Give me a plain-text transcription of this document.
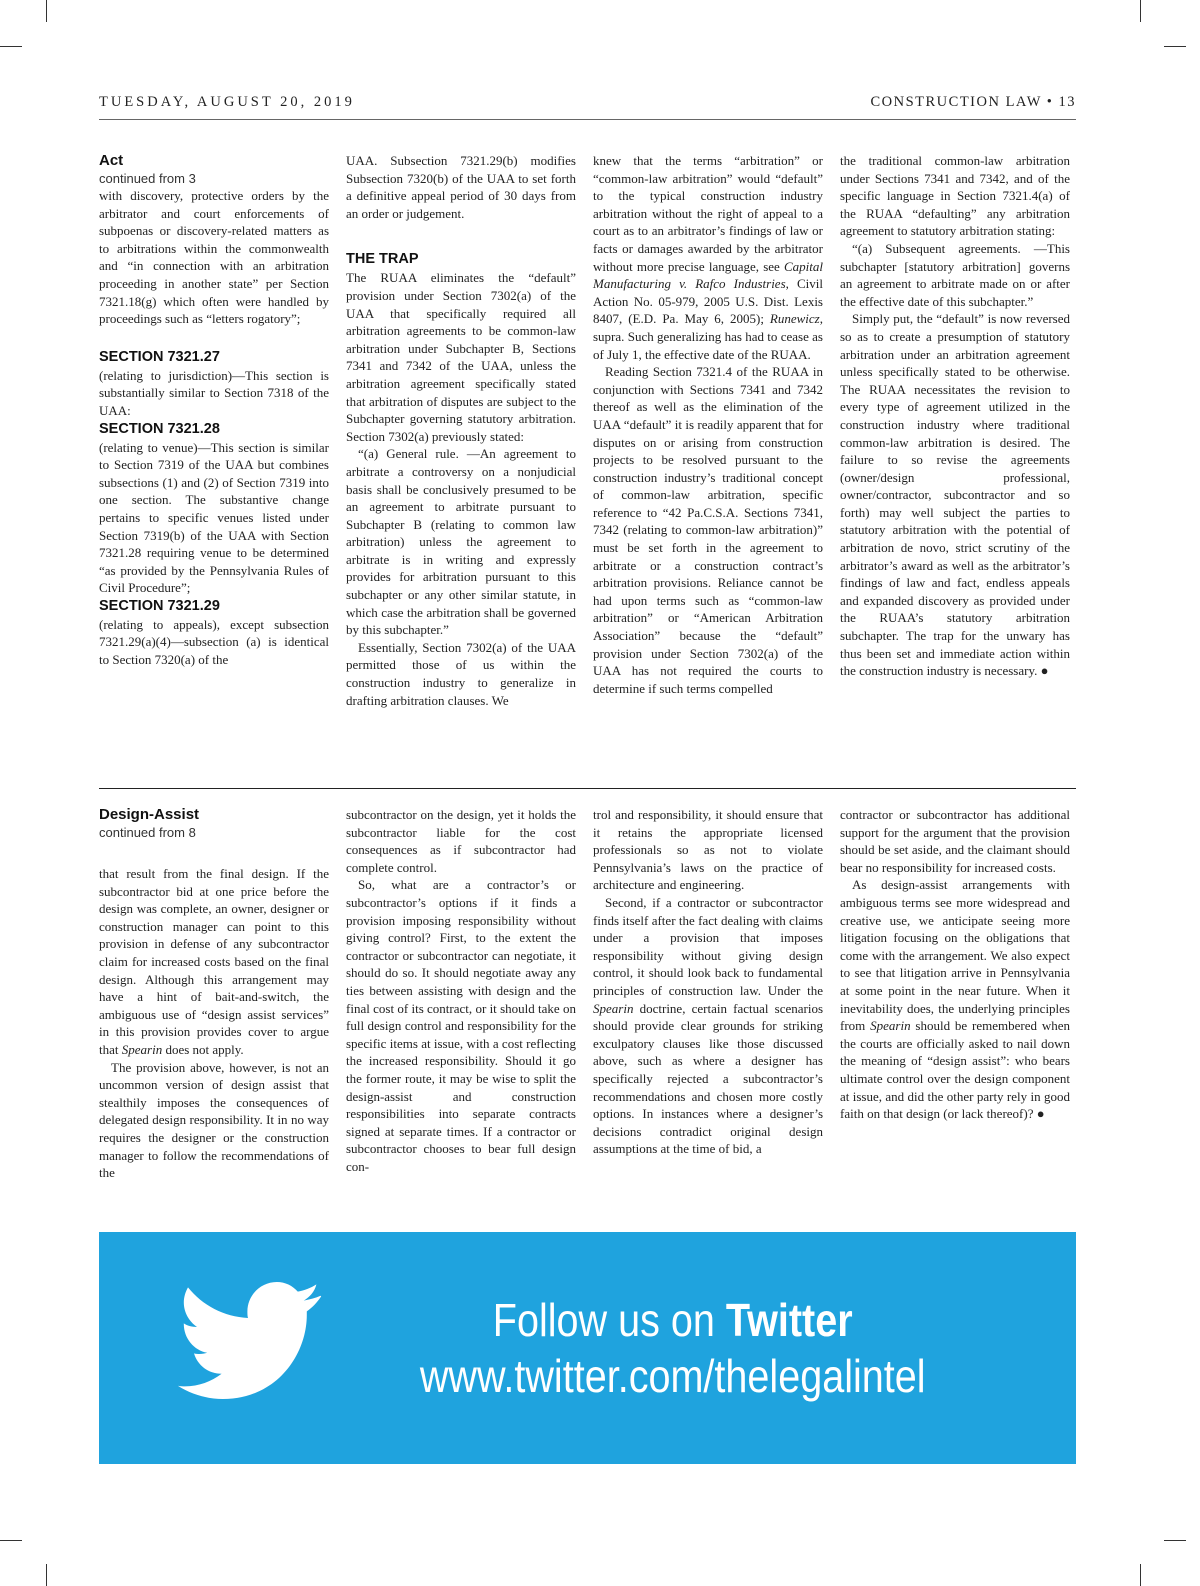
TUESDAY, AUGUST 20, 2019	CONSTRUCTION LAW • 13

Act

continued from 3

with discovery, protective orders by the arbitrator and court enforcements of subpoenas or discovery-related matters as to arbitrations within the commonwealth and “in connection with an arbitration proceeding in another state” per Section 7321.18(g) which often were handled by proceedings such as “letters rogatory”;

SECTION 7321.27

(relating to jurisdiction)—This section is substantially similar to Section 7318 of the UAA:

SECTION 7321.28

(relating to venue)—This section is similar to Section 7319 of the UAA but combines subsections (1) and (2) of Section 7319 into one section. The substantive change pertains to specific venues listed under Section 7319(b) of the UAA with Section 7321.28 requiring venue to be determined “as provided by the Pennsylvania Rules of Civil Procedure”;

SECTION 7321.29

(relating to appeals), except subsection 7321.29(a)(4)—subsection (a) is identical to Section 7320(a) of the

UAA. Subsection 7321.29(b) modifies Subsection 7320(b) of the UAA to set forth a definitive appeal period of 30 days from an order or judgement.

THE TRAP

The RUAA eliminates the “default” provision under Section 7302(a) of the UAA that specifically required all arbitration agreements to be common-law arbitration under Subchapter B, Sections 7341 and 7342 of the UAA, unless the arbitration agreement specifically stated that arbitration of disputes are subject to the Subchapter governing statutory arbitration. Section 7302(a) previously stated:

“(a) General rule. —An agreement to arbitrate a controversy on a nonjudicial basis shall be conclusively presumed to be an agreement to arbitrate pursuant to Subchapter B (relating to common law arbitration) unless the agreement to arbitrate is in writing and expressly provides for arbitration pursuant to this subchapter or any other similar statute, in which case the arbitration shall be governed by this subchapter.”

Essentially, Section 7302(a) of the UAA permitted those of us within the construction industry to generalize in drafting arbitration clauses. We

knew that the terms “arbitration” or “common-law arbitration” would “default” to the typical construction industry arbitration without the right of appeal to a court as to an arbitrator’s findings of law or facts or damages awarded by the arbitrator without more precise language, see Capital Manufacturing v. Rafco Industries, Civil Action No. 05-979, 2005 U.S. Dist. Lexis 8407, (E.D. Pa. May 6, 2005); Runewicz, supra. Such generalizing has had to cease as of July 1, the effective date of the RUAA.

Reading Section 7321.4 of the RUAA in conjunction with Sections 7341 and 7342 thereof as well as the elimination of the UAA “default” it is readily apparent that for disputes on or arising from construction projects to be resolved pursuant to the construction industry’s traditional concept of common-law arbitration, specific reference to “42 Pa.C.S.A. Sections 7341, 7342 (relating to common-law arbitration)” must be set forth in the agreement to arbitrate or a construction contract’s arbitration provisions. Reliance cannot be had upon terms such as “common-law arbitration” or “American Arbitration Association” because the “default” provision under Section 7302(a) of the UAA has not required the courts to determine if such terms compelled

the traditional common-law arbitration under Sections 7341 and 7342, and of the specific language in Section 7321.4(a) of the RUAA “defaulting” any arbitration agreement to statutory arbitration stating:

“(a) Subsequent agreements. —This subchapter [statutory arbitration] governs an agreement to arbitrate made on or after the effective date of this subchapter.”

Simply put, the “default” is now reversed so as to create a presumption of statutory arbitration under an arbitration agreement unless specifically stated to be otherwise. The RUAA necessitates the revision to every type of agreement utilized in the construction industry where traditional common-law arbitration is desired. The failure to so revise the agreements (owner/design professional, owner/contractor, subcontractor and so forth) may well subject the parties to statutory arbitration with the potential of arbitration de novo, strict scrutiny of the arbitrator’s award as well as the arbitrator’s findings of law and fact, endless appeals and expanded discovery as provided under the RUAA’s statutory arbitration subchapter. The trap for the unwary has thus been set and immediate action within the construction industry is necessary. ●

Design-Assist

continued from 8

that result from the final design. If the subcontractor bid at one price before the design was complete, an owner, designer or construction manager can point to this provision in defense of any subcontractor claim for increased costs based on the final design. Although this arrangement may have a hint of bait-and-switch, the ambiguous use of “design assist services” in this provision provides cover to argue that Spearin does not apply.

The provision above, however, is not an uncommon version of design assist that stealthily imposes the consequences of delegated design responsibility. It in no way requires the designer or the construction manager to follow the recommendations of the

subcontractor on the design, yet it holds the subcontractor liable for the cost consequences as if subcontractor had complete control.

So, what are a contractor’s or subcontractor’s options if it finds a provision imposing responsibility without giving control? First, to the extent the contractor or subcontractor can negotiate, it should do so. It should negotiate away any ties between assisting with design and the final cost of its contract, or it should take on full design control and responsibility for the specific items at issue, with a cost reflecting the increased responsibility. Should it go the former route, it may be wise to split the design-assist and construction responsibilities into separate contracts signed at separate times. If a contractor or subcontractor chooses to bear full design con-

trol and responsibility, it should ensure that it retains the appropriate licensed professionals so as not to violate Pennsylvania’s laws on the practice of architecture and engineering.

Second, if a contractor or subcontractor finds itself after the fact dealing with claims under a provision that imposes responsibility without giving design control, it should look back to fundamental principles of construction law. Under the Spearin doctrine, certain factual scenarios should provide clear grounds for striking exculpatory clauses like those discussed above, such as where a designer has specifically rejected a subcontractor’s recommendations and chosen more costly options. In instances where a designer’s decisions contradict original design assumptions at the time of bid, a

contractor or subcontractor has additional support for the argument that the provision should be set aside, and the claimant should bear no responsibility for increased costs.

As design-assist arrangements with ambiguous terms see more widespread and creative use, we anticipate seeing more litigation focusing on the obligations that come with the arrangement. We also expect to see that litigation arrive in Pennsylvania at some point in the near future. When it inevitability does, the underlying principles from Spearin should be remembered when the courts are officially asked to nail down the meaning of “design assist”: who bears ultimate control over the design component at issue, and did the other party rely in good faith on that design (or lack thereof)? ●

Follow us on Twitter
www.twitter.com/thelegalintel
